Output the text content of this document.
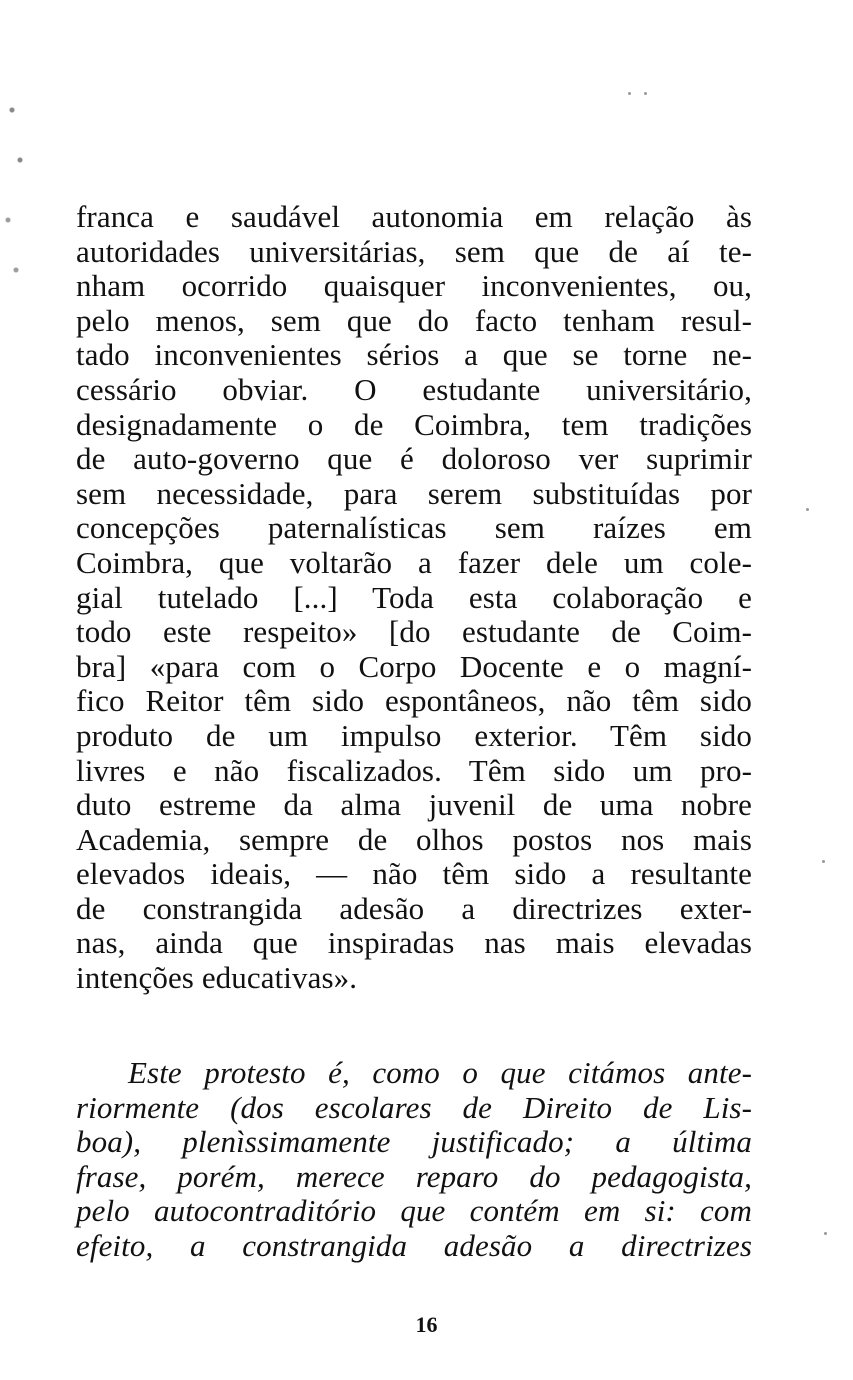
franca e saudável autonomia em relação às
autoridades universitárias, sem que de aí te-
nham ocorrido quaisquer inconvenientes, ou,
pelo menos, sem que do facto tenham resul-
tado inconvenientes sérios a que se torne ne-
cessário obviar. O estudante universitário,
designadamente o de Coimbra, tem tradições
de auto-governo que é doloroso ver suprimir
sem necessidade, para serem substituídas por
concepções paternalísticas sem raízes em
Coimbra, que voltarão a fazer dele um cole-
gial tutelado [...] Toda esta colaboração e
todo este respeito» [do estudante de Coim-
bra] «para com o Corpo Docente e o magní-
fico Reitor têm sido espontâneos, não têm sido
produto de um impulso exterior. Têm sido
livres e não fiscalizados. Têm sido um pro-
duto estreme da alma juvenil de uma nobre
Academia, sempre de olhos postos nos mais
elevados ideais, — não têm sido a resultante
de constrangida adesão a directrizes exter-
nas, ainda que inspiradas nas mais elevadas
intenções educativas».
Este protesto é, como o que citámos ante-
riormente (dos escolares de Direito de Lis-
boa), plenìssimamente justificado; a última
frase, porém, merece reparo do pedagogista,
pelo autocontraditório que contém em si: com
efeito, a constrangida adesão a directrizes
16
